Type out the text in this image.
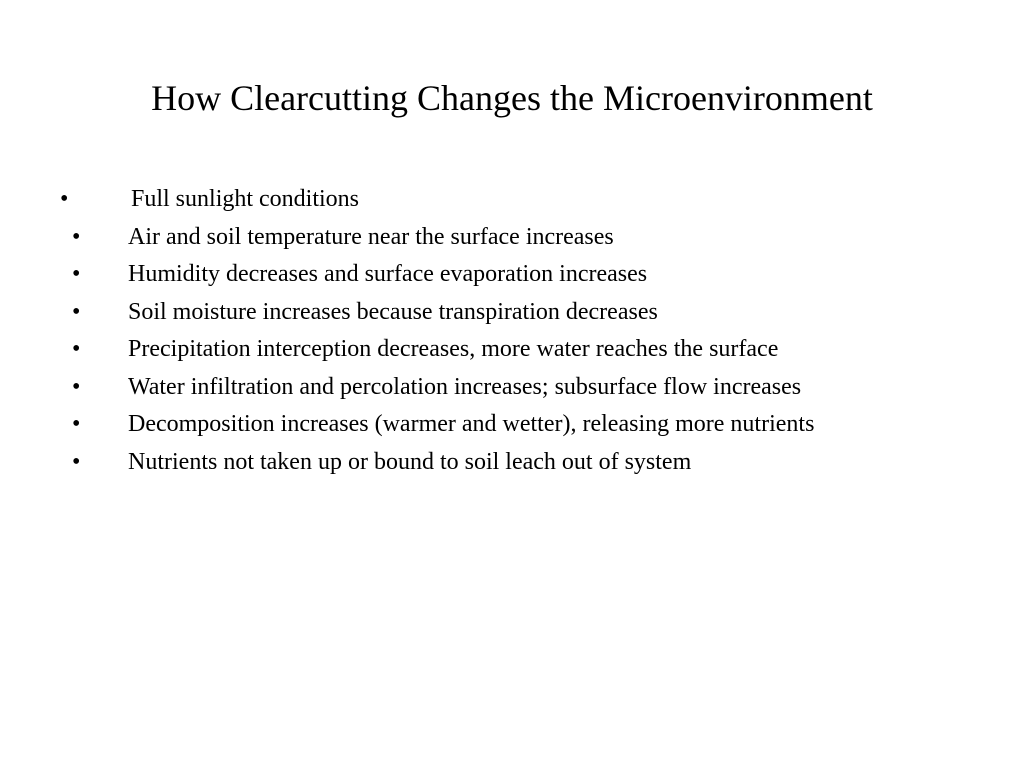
How Clearcutting Changes the Microenvironment
•	Full sunlight conditions
• Air and soil temperature near the surface increases
• Humidity decreases and surface evaporation increases
• Soil moisture increases because transpiration decreases
• Precipitation interception decreases, more water reaches the surface
• Water infiltration and percolation increases; subsurface flow increases
• Decomposition increases (warmer and wetter), releasing more nutrients
• Nutrients not taken up or bound to soil leach out of system
